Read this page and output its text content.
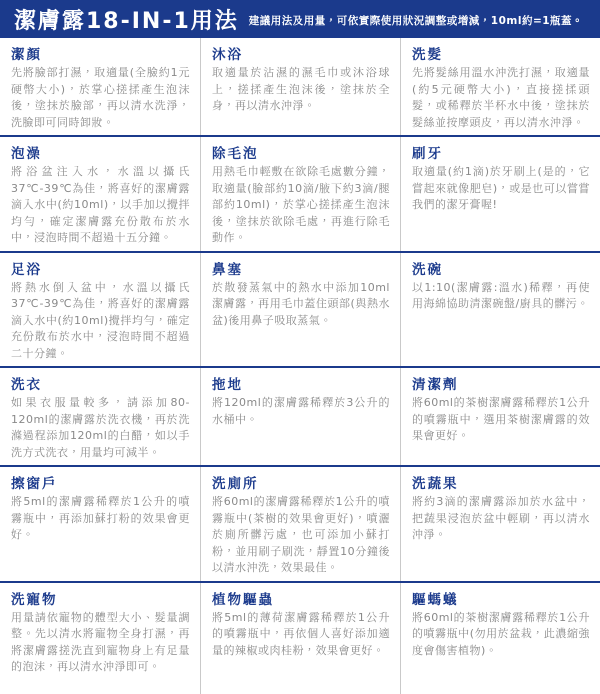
潔膚露18-IN-1用法 建議用法及用量，可依實際使用狀況調整或增減，10ml約=1瓶蓋。

潔顏

先將臉部打濕，取適量(全臉約1元硬幣大小)，於掌心搓揉產生泡沫後，塗抹於臉部，再以清水洗淨，洗臉即可同時卸妝。

沐浴

取適量於沾濕的濕毛巾或沐浴球上，搓揉產生泡沫後，塗抹於全身，再以清水沖淨。

洗髮

先將髮絲用溫水沖洗打濕，取適量(約5元硬幣大小)，直接搓揉頭髮，或稀釋於半杯水中後，塗抹於髮絲並按摩頭皮，再以清水沖淨。

泡澡

將浴盆注入水，水溫以攝氏37℃-39℃為佳，將喜好的潔膚露滴入水中(約10ml)，以手加以攪拌均勻，確定潔膚露充份散布於水中，浸泡時間不超過十五分鐘。

除毛泡

用熱毛巾輕敷在欲除毛處數分鐘，取適量(臉部約10滴/腋下約3滴/腿部約10ml)，於掌心搓揉產生泡沫後，塗抹於欲除毛處，再進行除毛動作。

刷牙

取適量(約1滴)於牙刷上(是的，它嘗起來就像肥皂)，或是也可以嘗嘗我們的潔牙膏喔!

足浴

將熱水倒入盆中，水溫以攝氏37℃-39℃為佳，將喜好的潔膚露滴入水中(約10ml)攪拌均勻，確定充份散布於水中，浸泡時間不超過二十分鐘。

鼻塞

於散發蒸氣中的熱水中添加10ml潔膚露，再用毛巾蓋住頭部(與熱水盆)後用鼻子吸取蒸氣。

洗碗

以1:10(潔膚露:溫水)稀釋，再使用海綿協助清潔碗盤/廚具的髒污。

洗衣

如果衣服量較多，請添加80-120ml的潔膚露於洗衣機，再於洗滌過程添加120ml的白醋，如以手洗方式洗衣，用量均可減半。

拖地

將120ml的潔膚露稀釋於3公升的水桶中。

清潔劑

將60ml的茶樹潔膚露稀釋於1公升的噴霧瓶中，選用茶樹潔膚露的效果會更好。

擦窗戶

將5ml的潔膚露稀釋於1公升的噴霧瓶中，再添加蘇打粉的效果會更好。

洗廁所

將60ml的潔膚露稀釋於1公升的噴霧瓶中(茶樹的效果會更好)，噴灑於廁所髒污處，也可添加小蘇打粉，並用刷子刷洗，靜置10分鐘後以清水沖洗，效果最佳。

洗蔬果

將約3滴的潔膚露添加於水盆中，把蔬果浸泡於盆中輕刷，再以清水沖淨。

洗寵物

用量請依寵物的體型大小、髮量調整。先以清水將寵物全身打濕，再將潔膚露搓洗直到寵物身上有足量的泡沫，再以清水沖淨即可。

植物驅蟲

將5ml的薄荷潔膚露稀釋於1公升的噴霧瓶中，再依個人喜好添加適量的辣椒或肉桂粉，效果會更好。

驅螞蟻

將60ml的茶樹潔膚露稀釋於1公升的噴霧瓶中(勿用於盆栽，此濃縮強度會傷害植物)。
